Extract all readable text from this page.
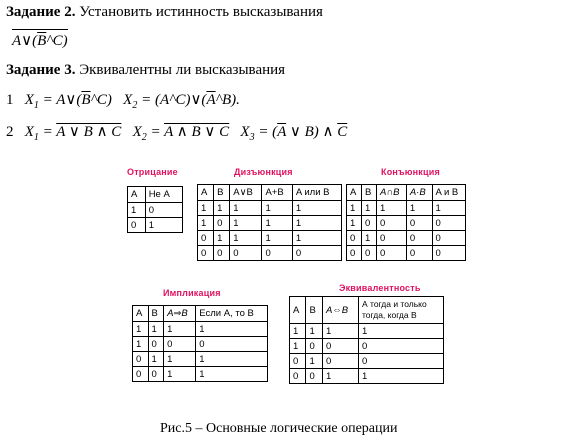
Задание 2. Установить истинность высказывания
$A\vee(\overline{B}\^{}C)$
Задание 3. Эквивалентны ли высказывания
1 $X_1$ = $A\vee(\overline{B}\^{}C) X_2$ = $(A\^{}C)\vee(\overline{A}\^{}B)$.
2 $X_1 = A$ ∨ B ∧ C $X_2 = A$ ∧ B ∨ C $X_3 = (\overline{A}$ ∨ B) ∧ $\overline{C}$
Отрицание
A	Не А
1	0
0	1
Дизъюнкция
A	B	A∨B	A+B	A или B
1	1	1	1	1
1	0	1	1	1
0	1	1	1	1
0	0	0	0	0
Конъюнкция
A	B	A∩B	A·B	A и B
1	1	1	1	1
1	0	0	0	0
0	1	0	0	0
0	0	0	0	0
Импликация
A	B	A⇒B	Если А, то В
1	1	1	1
1	0	0	0
0	1	1	1
0	0	1	1
Эквивалентность
A	B	A⇔B	А тогда и только тогда, когда В
1	1	1	1
1	0	0	0
0	1	0	0
0	0	1	1
Рис.5 – Основные логические операции
